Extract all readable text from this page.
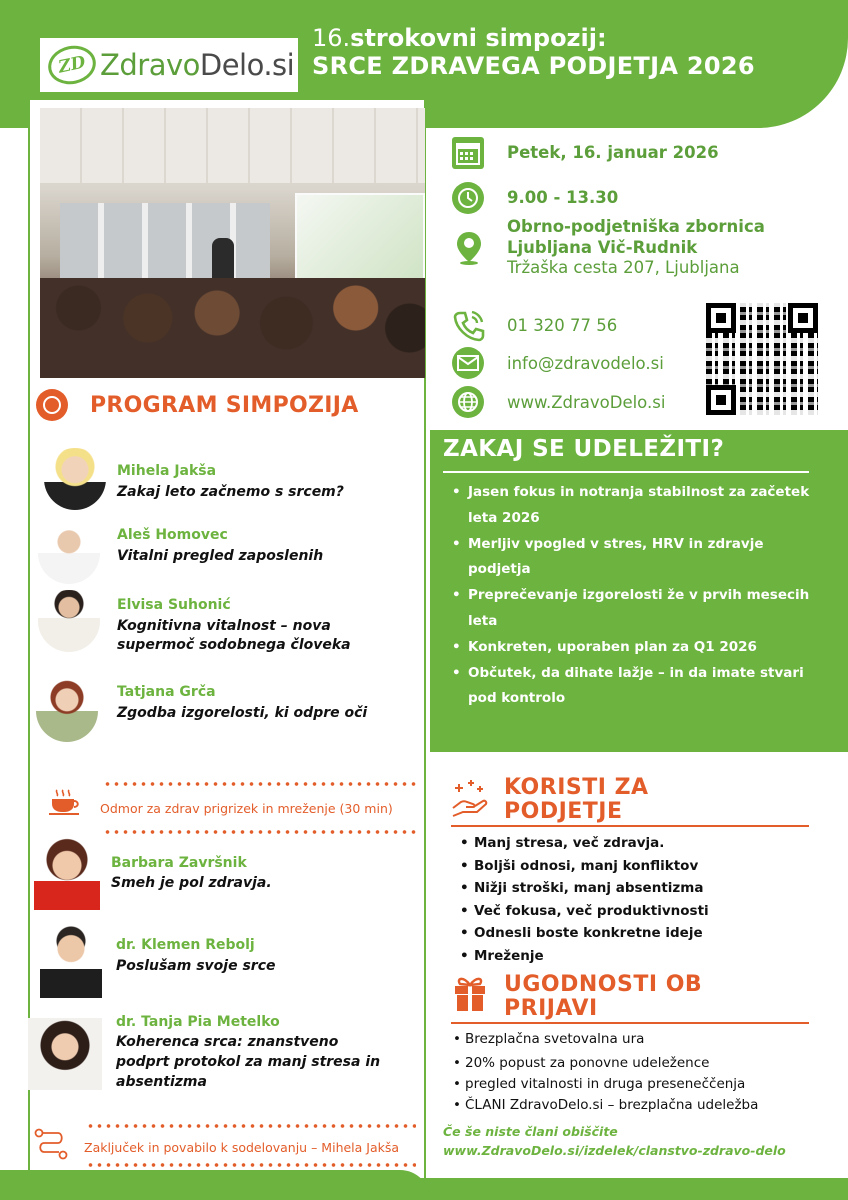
ZD ZdravoDelo.si
16.strokovni simpozij:
SRCE ZDRAVEGA PODJETJA 2026
Petek, 16. januar 2026
9.00 - 13.30
Obrno-podjetniška zbornica
Ljubljana Vič-Rudnik
Tržaška cesta 207, Ljubljana
01 320 77 56
info@zdravodelo.si
www.ZdravoDelo.si
PROGRAM SIMPOZIJA
Mihela Jakša
Zakaj leto začnemo s srcem?
Aleš Homovec
Vitalni pregled zaposlenih
Elvisa Suhonić
Kognitivna vitalnost – nova
supermoč sodobnega človeka
Tatjana Grča
Zgodba izgorelosti, ki odpre oči
Odmor za zdrav prigrizek in mreženje (30 min)
Barbara Završnik
Smeh je pol zdravja.
dr. Klemen Rebolj
Poslušam svoje srce
dr. Tanja Pia Metelko
Koherenca srca: znanstveno
podprt protokol za manj stresa in
absentizma
Zaključek in povabilo k sodelovanju – Mihela Jakša
ZAKAJ SE UDELEŽITI?
• Jasen fokus in notranja stabilnost za začetek leta 2026
• Merljiv vpogled v stres, HRV in zdravje podjetja
• Preprečevanje izgorelosti že v prvih mesecih leta
• Konkreten, uporaben plan za Q1 2026
• Občutek, da dihate lažje – in da imate stvari pod kontrolo
KORISTI ZA
PODJETJE
• Manj stresa, več zdravja.
• Boljši odnosi, manj konfliktov
• Nižji stroški, manj absentizma
• Več fokusa, več produktivnosti
• Odnesli boste konkretne ideje
• Mreženje
UGODNOSTI OB
PRIJAVI
• Brezplačna svetovalna ura
• 20% popust za ponovne udeležence
• pregled vitalnosti in druga preseneččenja
• ČLANI ZdravoDelo.si – brezplačna udeležba
Če še niste člani obiščite
www.ZdravoDelo.si/izdelek/clanstvo-zdravo-delo
